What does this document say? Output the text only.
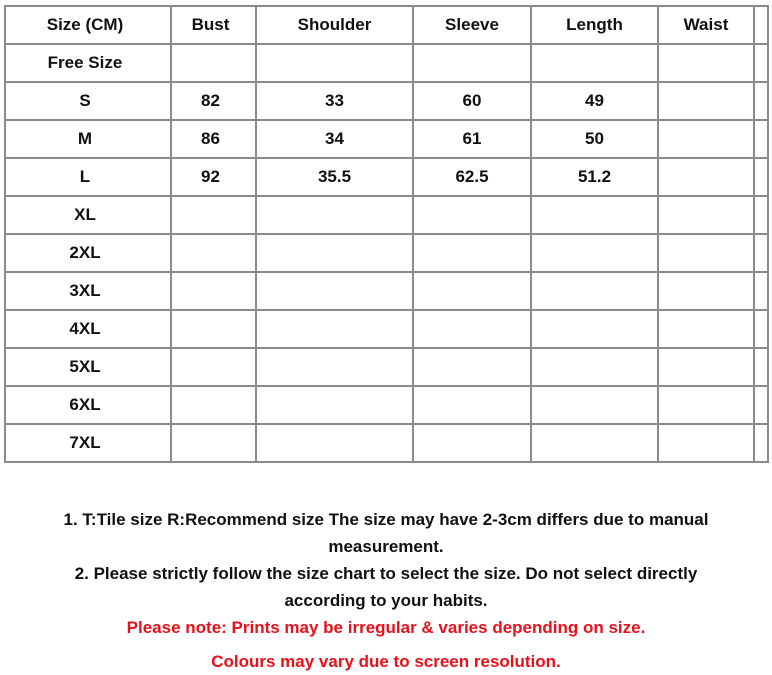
Size (CM)	Bust	Shoulder	Sleeve	Length	Waist	
Free Size						
S	82	33	60	49		
M	86	34	61	50		
L	92	35.5	62.5	51.2		
XL						
2XL						
3XL						
4XL						
5XL						
6XL						
7XL						
1. T:Tile size R:Recommend size The size may have 2-3cm differs due to manual
measurement.
2. Please strictly follow the size chart to select the size. Do not select directly
according to your habits.
Please note: Prints may be irregular & varies depending on size.
Colours may vary due to screen resolution.
